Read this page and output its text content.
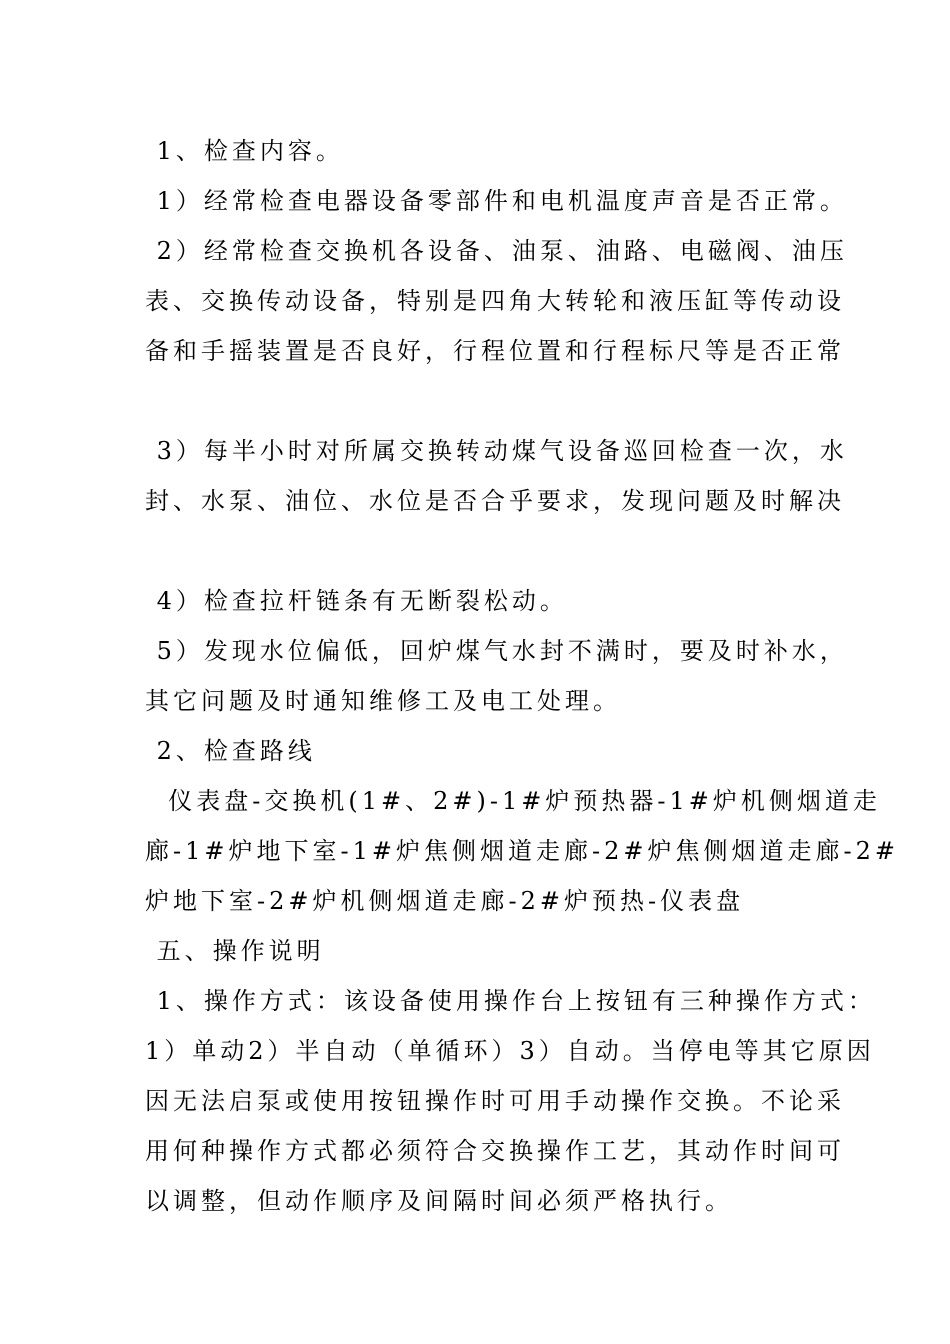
1、检查内容。
1）经常检查电器设备零部件和电机温度声音是否正常。
2）经常检查交换机各设备、油泵、油路、电磁阀、油压
表、交换传动设备，特别是四角大转轮和液压缸等传动设
备和手摇装置是否良好，行程位置和行程标尺等是否正常
3）每半小时对所属交换转动煤气设备巡回检查一次，水
封、水泵、油位、水位是否合乎要求，发现问题及时解决
4）检查拉杆链条有无断裂松动。
5）发现水位偏低，回炉煤气水封不满时，要及时补水，
其它问题及时通知维修工及电工处理。
2、检查路线
仪表盘-交换机(1#、2#)-1#炉预热器-1#炉机侧烟道走
廊-1#炉地下室-1#炉焦侧烟道走廊-2#炉焦侧烟道走廊-2#
炉地下室-2#炉机侧烟道走廊-2#炉预热-仪表盘
五、操作说明
1、操作方式：该设备使用操作台上按钮有三种操作方式：
1）单动2）半自动（单循环）3）自动。当停电等其它原因
因无法启泵或使用按钮操作时可用手动操作交换。不论采
用何种操作方式都必须符合交换操作工艺，其动作时间可
以调整，但动作顺序及间隔时间必须严格执行。
